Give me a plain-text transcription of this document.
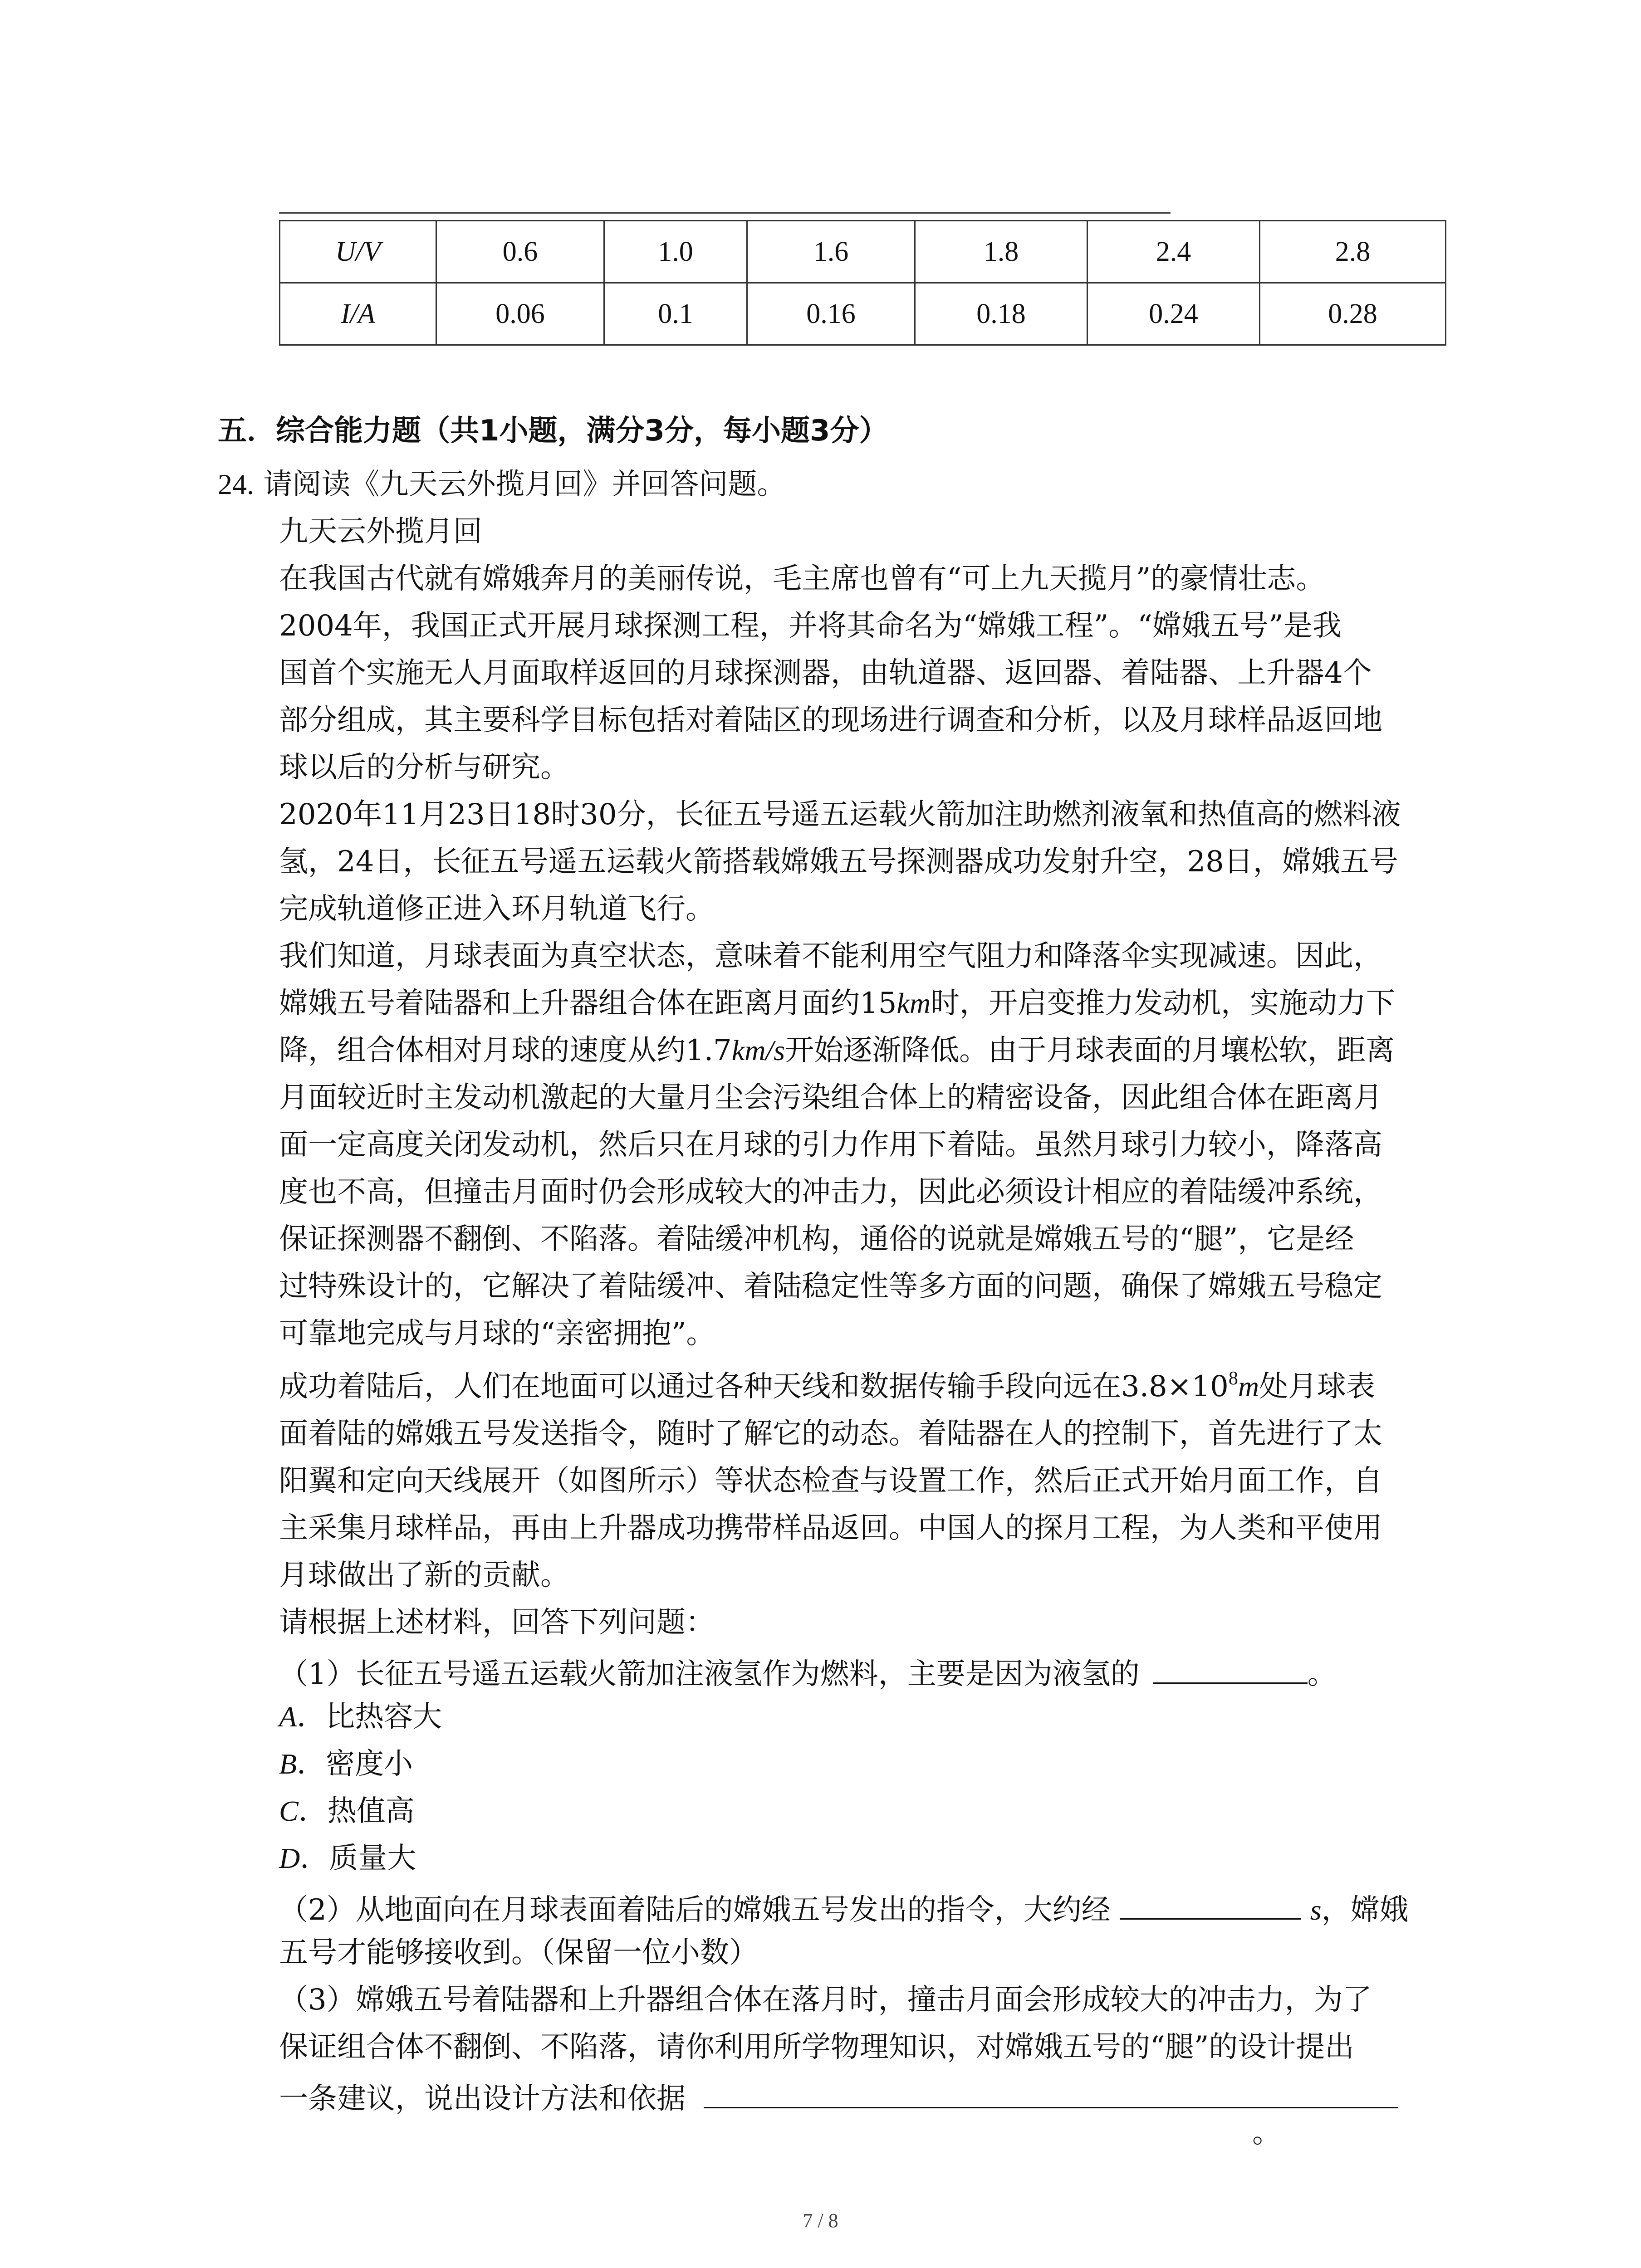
U/V	0.6	1.0	1.6	1.8	2.4	2.8
I/A	0.06	0.1	0.16	0.18	0.24	0.28
五．综合能力题（共1小题，满分3分，每小题3分）
24. 请阅读《九天云外揽月回》并回答问题。
九天云外揽月回
在我国古代就有嫦娥奔月的美丽传说，毛主席也曾有“可上九天揽月”的豪情壮志。
2004年，我国正式开展月球探测工程，并将其命名为“嫦娥工程”。“嫦娥五号”是我
国首个实施无人月面取样返回的月球探测器，由轨道器、返回器、着陆器、上升器4个
部分组成，其主要科学目标包括对着陆区的现场进行调查和分析，以及月球样品返回地
球以后的分析与研究。
2020年11月23日18时30分，长征五号遥五运载火箭加注助燃剂液氧和热值高的燃料液
氢，24日，长征五号遥五运载火箭搭载嫦娥五号探测器成功发射升空，28日，嫦娥五号
完成轨道修正进入环月轨道飞行。
我们知道，月球表面为真空状态，意味着不能利用空气阻力和降落伞实现减速。因此，
嫦娥五号着陆器和上升器组合体在距离月面约15km时，开启变推力发动机，实施动力下
降，组合体相对月球的速度从约1.7km/s开始逐渐降低。由于月球表面的月壤松软，距离
月面较近时主发动机激起的大量月尘会污染组合体上的精密设备，因此组合体在距离月
面一定高度关闭发动机，然后只在月球的引力作用下着陆。虽然月球引力较小，降落高
度也不高，但撞击月面时仍会形成较大的冲击力，因此必须设计相应的着陆缓冲系统，
保证探测器不翻倒、不陷落。着陆缓冲机构，通俗的说就是嫦娥五号的“腿”，它是经
过特殊设计的，它解决了着陆缓冲、着陆稳定性等多方面的问题，确保了嫦娥五号稳定
可靠地完成与月球的“亲密拥抱”。
成功着陆后，人们在地面可以通过各种天线和数据传输手段向远在$3.8\times 10^8m$处月球表
面着陆的嫦娥五号发送指令，随时了解它的动态。着陆器在人的控制下，首先进行了太
阳翼和定向天线展开（如图所示）等状态检查与设置工作，然后正式开始月面工作，自
主采集月球样品，再由上升器成功携带样品返回。中国人的探月工程，为人类和平使用
月球做出了新的贡献。
请根据上述材料，回答下列问题：
（1）长征五号遥五运载火箭加注液氢作为燃料，主要是因为液氢的	。
A．比热容大
B．密度小
C．热值高
D．质量大
（2）从地面向在月球表面着陆后的嫦娥五号发出的指令，大约经	s，嫦娥
五号才能够接收到。（保留一位小数）
（3）嫦娥五号着陆器和上升器组合体在落月时，撞击月面会形成较大的冲击力，为了
保证组合体不翻倒、不陷落，请你利用所学物理知识，对嫦娥五号的“腿”的设计提出
一条建议，说出设计方法和依据
。
7 / 8
